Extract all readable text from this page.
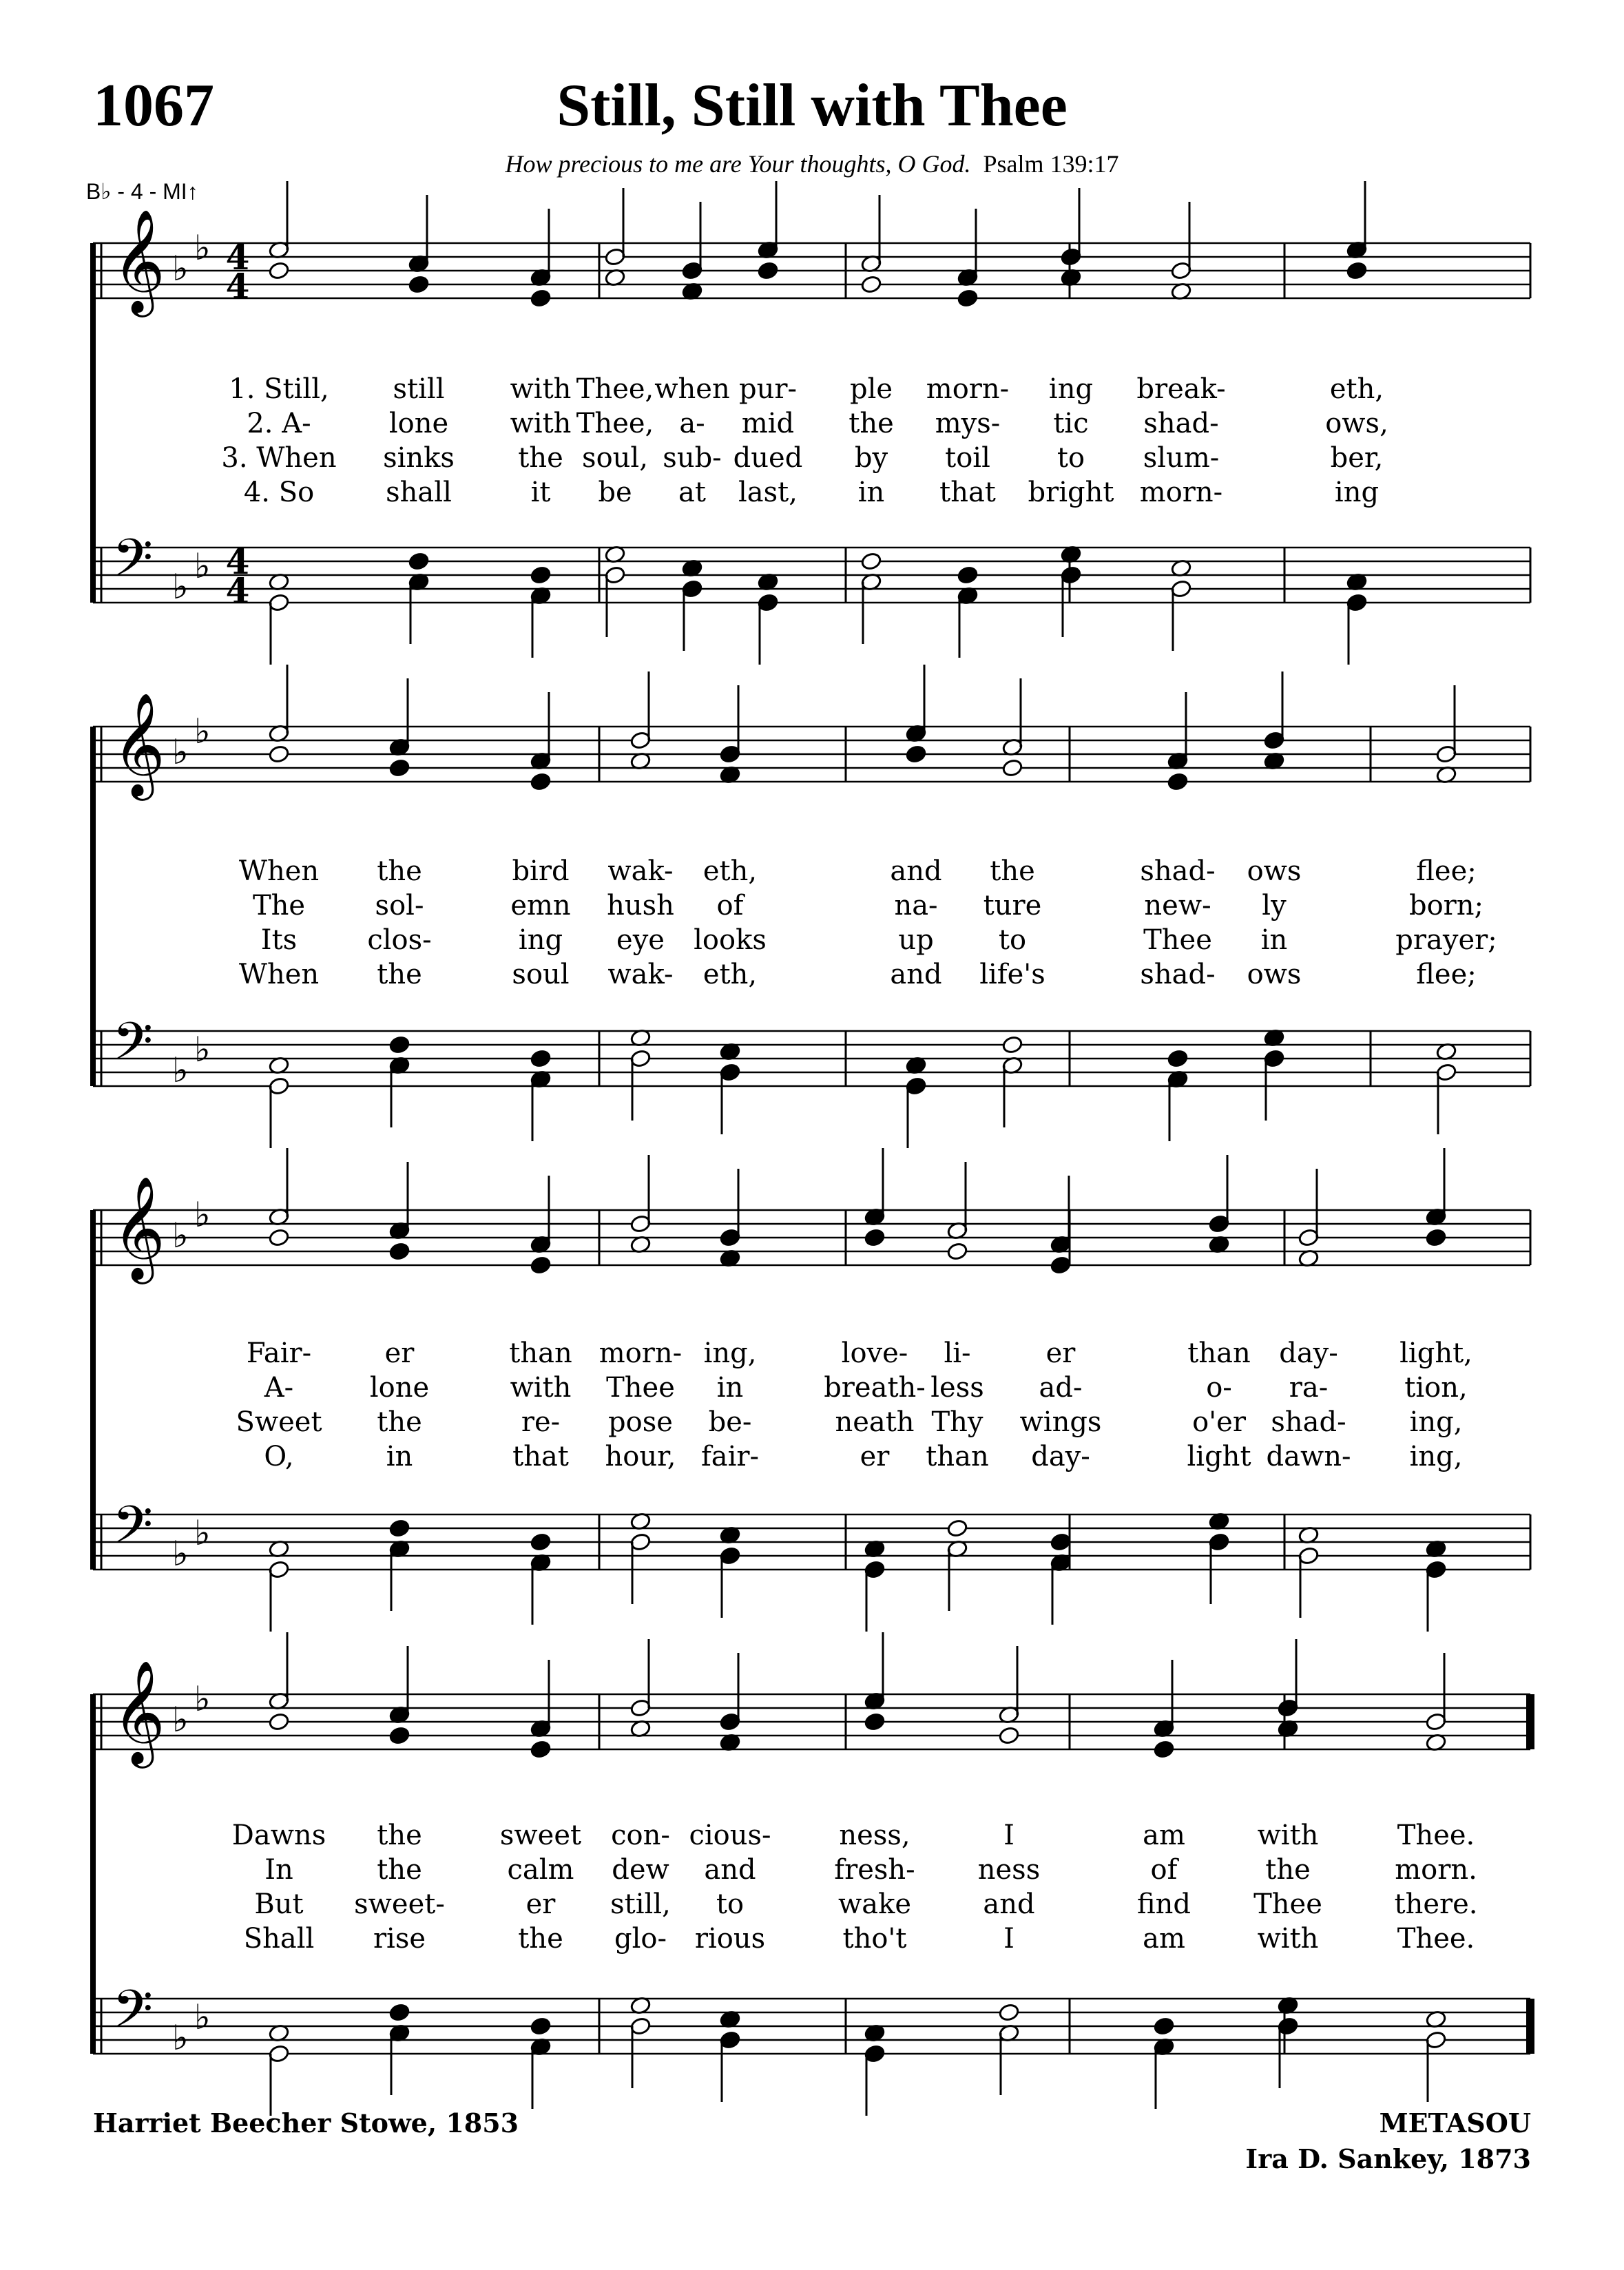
1067	Still, Still with Thee
How precious to me are Your thoughts, O God. Psalm 139:17
B♭ - 4 - MI↑
𝄞
𝄢
♭
♭
♭
♭
4
4
4
4
𝄞
𝄢
♭
♭
♭
♭
𝄞
𝄢
♭
♭
♭
♭
𝄞
𝄢
♭
♭
♭
♭
1. Still, still with Thee, when pur- ple morn- ing break-	eth,
2. A-	lone with Thee, a- mid the mys- tic shad-	ows,
3. When sinks the soul, sub- dued by toil to slum-	ber,
4. So	shall	it be at last, in that bright morn-	ing
When the	bird wak- eth,	and the	shad- ows	flee;
The	sol-	emn hush of	na- ture	new- ly	born;
Its	clos-	ing eye looks	up to	Thee in	prayer;
When the	soul wak- eth,	and life's	shad- ows	flee;
Fair-	er	than morn- ing,	love- li-	er	than day- light,
A-	lone	with Thee in	breath- less ad-	o- ra-	tion,
Sweet the	re- pose be-	neath Thy wings	o'er shad- ing,
O,	in	that hour, fair-	er than day-	light dawn- ing,
Dawns the	sweet con- cious- ness,	I	am	with	Thee.
In	the	calm dew and	fresh- ness	of	the	morn.
But sweet-	er still, to	wake	and	find Thee	there.
Shall rise	the glo- rious	tho't	I	am	with	Thee.
Harriet Beecher Stowe, 1853	METASOU
Ira D. Sankey, 1873
